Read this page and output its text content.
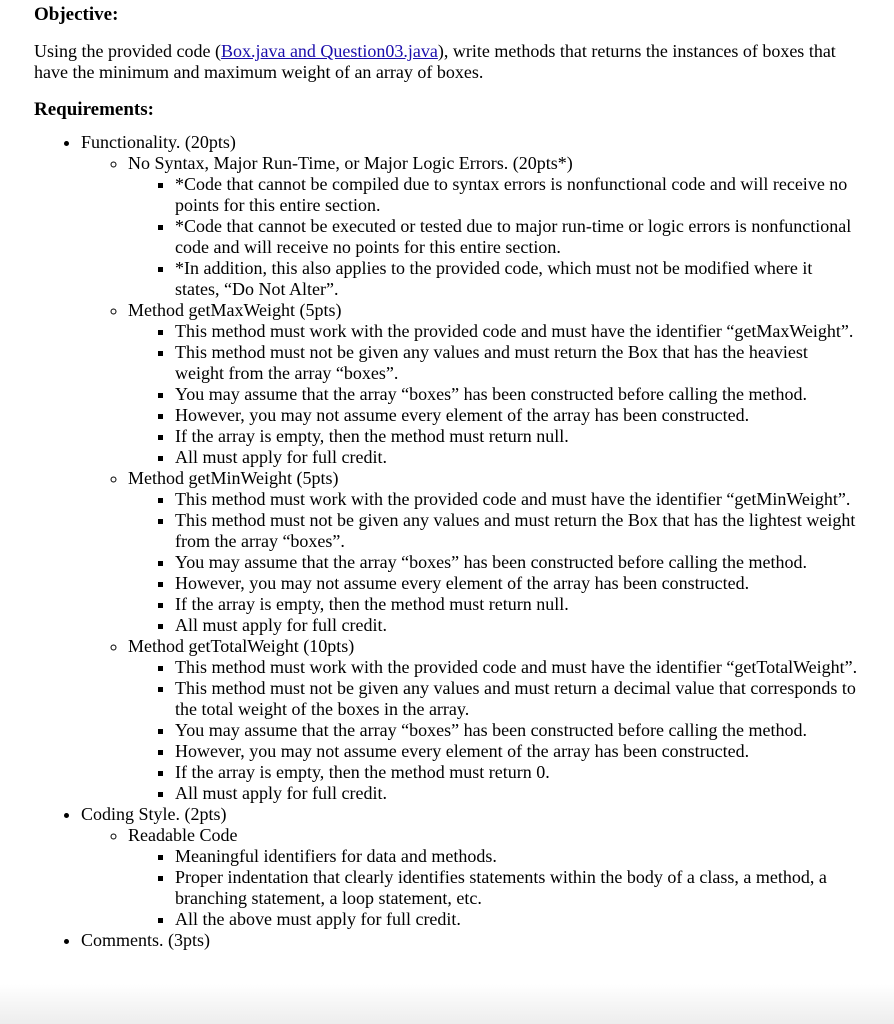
Objective:

Using the provided code (Box.java and Question03.java), write methods that returns the instances of boxes that have the minimum and maximum weight of an array of boxes.

Requirements:
• Functionality. (20pts)
◦ No Syntax, Major Run-Time, or Major Logic Errors. (20pts*)
▪ *Code that cannot be compiled due to syntax errors is nonfunctional code and will receive no points for this entire section.
▪ *Code that cannot be executed or tested due to major run-time or logic errors is nonfunctional code and will receive no points for this entire section.
▪ *In addition, this also applies to the provided code, which must not be modified where it states, “Do Not Alter”.
◦ Method getMaxWeight (5pts)
▪ This method must work with the provided code and must have the identifier “getMaxWeight”.
▪ This method must not be given any values and must return the Box that has the heaviest weight from the array “boxes”.
▪ You may assume that the array “boxes” has been constructed before calling the method.
▪ However, you may not assume every element of the array has been constructed.
▪ If the array is empty, then the method must return null.
▪ All must apply for full credit.
◦ Method getMinWeight (5pts)
▪ This method must work with the provided code and must have the identifier “getMinWeight”.
▪ This method must not be given any values and must return the Box that has the lightest weight from the array “boxes”.
▪ You may assume that the array “boxes” has been constructed before calling the method.
▪ However, you may not assume every element of the array has been constructed.
▪ If the array is empty, then the method must return null.
▪ All must apply for full credit.
◦ Method getTotalWeight (10pts)
▪ This method must work with the provided code and must have the identifier “getTotalWeight”.
▪ This method must not be given any values and must return a decimal value that corresponds to the total weight of the boxes in the array.
▪ You may assume that the array “boxes” has been constructed before calling the method.
▪ However, you may not assume every element of the array has been constructed.
▪ If the array is empty, then the method must return 0.
▪ All must apply for full credit.
• Coding Style. (2pts)
◦ Readable Code
▪ Meaningful identifiers for data and methods.
▪ Proper indentation that clearly identifies statements within the body of a class, a method, a branching statement, a loop statement, etc.
▪ All the above must apply for full credit.
• Comments. (3pts)
